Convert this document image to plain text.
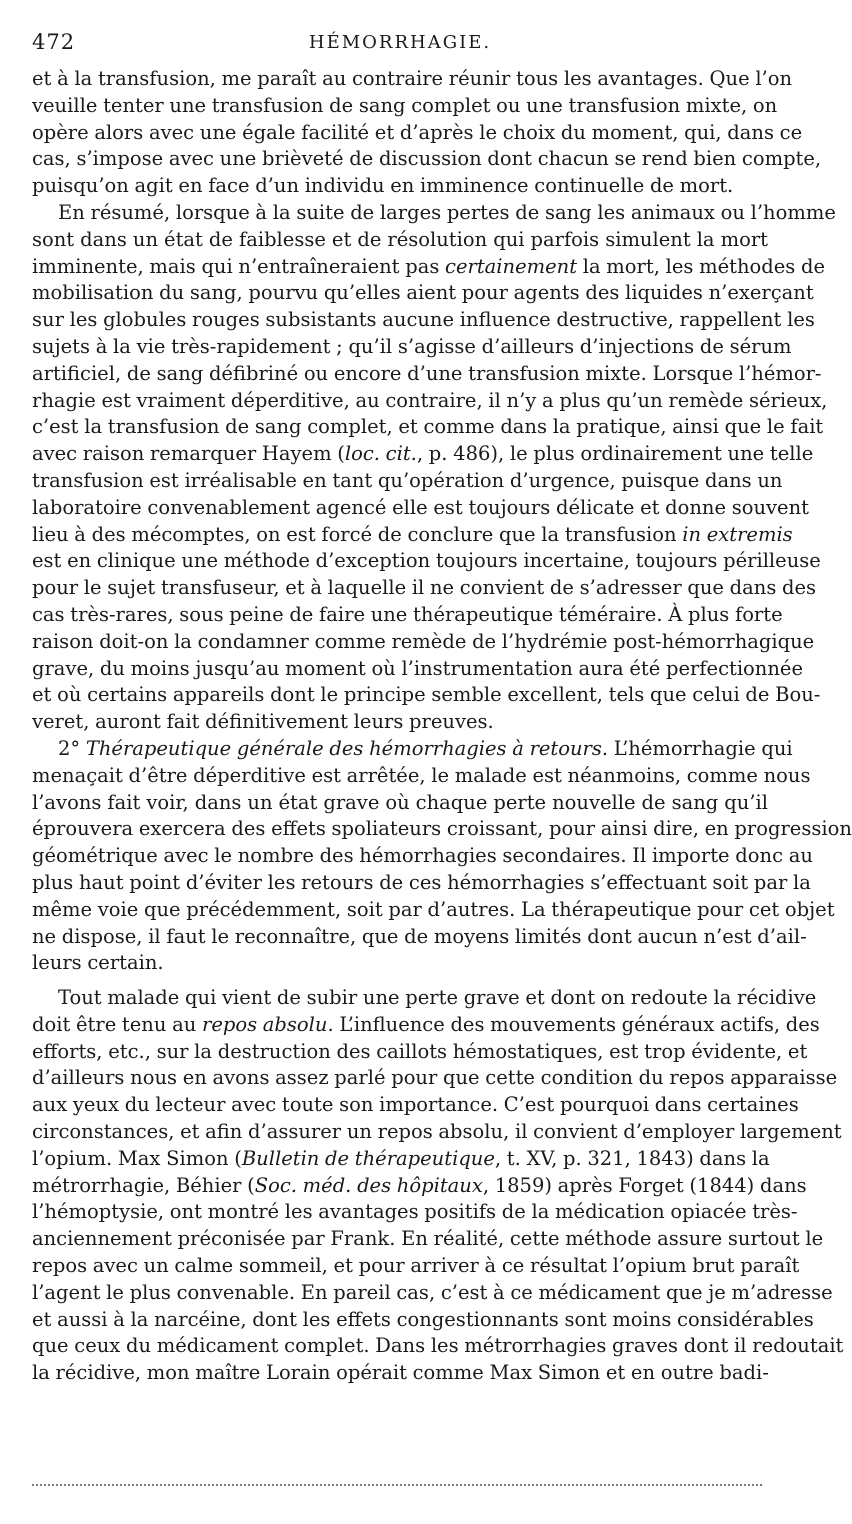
472	HÉMORRHAGIE.
et à la transfusion, me paraît au contraire réunir tous les avantages. Que l’on
veuille tenter une transfusion de sang complet ou une transfusion mixte, on
opère alors avec une égale facilité et d’après le choix du moment, qui, dans ce
cas, s’impose avec une brièveté de discussion dont chacun se rend bien compte,
puisqu’on agit en face d’un individu en imminence continuelle de mort.
En résumé, lorsque à la suite de larges pertes de sang les animaux ou l’homme
sont dans un état de faiblesse et de résolution qui parfois simulent la mort
imminente, mais qui n’entraîneraient pas certainement la mort, les méthodes de
mobilisation du sang, pourvu qu’elles aient pour agents des liquides n’exerçant
sur les globules rouges subsistants aucune influence destructive, rappellent les
sujets à la vie très-rapidement ; qu’il s’agisse d’ailleurs d’injections de sérum
artificiel, de sang défibriné ou encore d’une transfusion mixte. Lorsque l’hémor-
rhagie est vraiment déperditive, au contraire, il n’y a plus qu’un remède sérieux,
c’est la transfusion de sang complet, et comme dans la pratique, ainsi que le fait
avec raison remarquer Hayem (loc. cit., p. 486), le plus ordinairement une telle
transfusion est irréalisable en tant qu’opération d’urgence, puisque dans un
laboratoire convenablement agencé elle est toujours délicate et donne souvent
lieu à des mécomptes, on est forcé de conclure que la transfusion in extremis
est en clinique une méthode d’exception toujours incertaine, toujours périlleuse
pour le sujet transfuseur, et à laquelle il ne convient de s’adresser que dans des
cas très-rares, sous peine de faire une thérapeutique téméraire. À plus forte
raison doit-on la condamner comme remède de l’hydrémie post-hémorrhagique
grave, du moins jusqu’au moment où l’instrumentation aura été perfectionnée
et où certains appareils dont le principe semble excellent, tels que celui de Bou-
veret, auront fait définitivement leurs preuves.
2° Thérapeutique générale des hémorrhagies à retours. L’hémorrhagie qui
menaçait d’être déperditive est arrêtée, le malade est néanmoins, comme nous
l’avons fait voir, dans un état grave où chaque perte nouvelle de sang qu’il
éprouvera exercera des effets spoliateurs croissant, pour ainsi dire, en progression
géométrique avec le nombre des hémorrhagies secondaires. Il importe donc au
plus haut point d’éviter les retours de ces hémorrhagies s’effectuant soit par la
même voie que précédemment, soit par d’autres. La thérapeutique pour cet objet
ne dispose, il faut le reconnaître, que de moyens limités dont aucun n’est d’ail-
leurs certain.
Tout malade qui vient de subir une perte grave et dont on redoute la récidive
doit être tenu au repos absolu. L’influence des mouvements généraux actifs, des
efforts, etc., sur la destruction des caillots hémostatiques, est trop évidente, et
d’ailleurs nous en avons assez parlé pour que cette condition du repos apparaisse
aux yeux du lecteur avec toute son importance. C’est pourquoi dans certaines
circonstances, et afin d’assurer un repos absolu, il convient d’employer largement
l’opium. Max Simon (Bulletin de thérapeutique, t. XV, p. 321, 1843) dans la
métrorrhagie, Béhier (Soc. méd. des hôpitaux, 1859) après Forget (1844) dans
l’hémoptysie, ont montré les avantages positifs de la médication opiacée très-
anciennement préconisée par Frank. En réalité, cette méthode assure surtout le
repos avec un calme sommeil, et pour arriver à ce résultat l’opium brut paraît
l’agent le plus convenable. En pareil cas, c’est à ce médicament que je m’adresse
et aussi à la narcéine, dont les effets congestionnants sont moins considérables
que ceux du médicament complet. Dans les métrorrhagies graves dont il redoutait
la récidive, mon maître Lorain opérait comme Max Simon et en outre badi-
